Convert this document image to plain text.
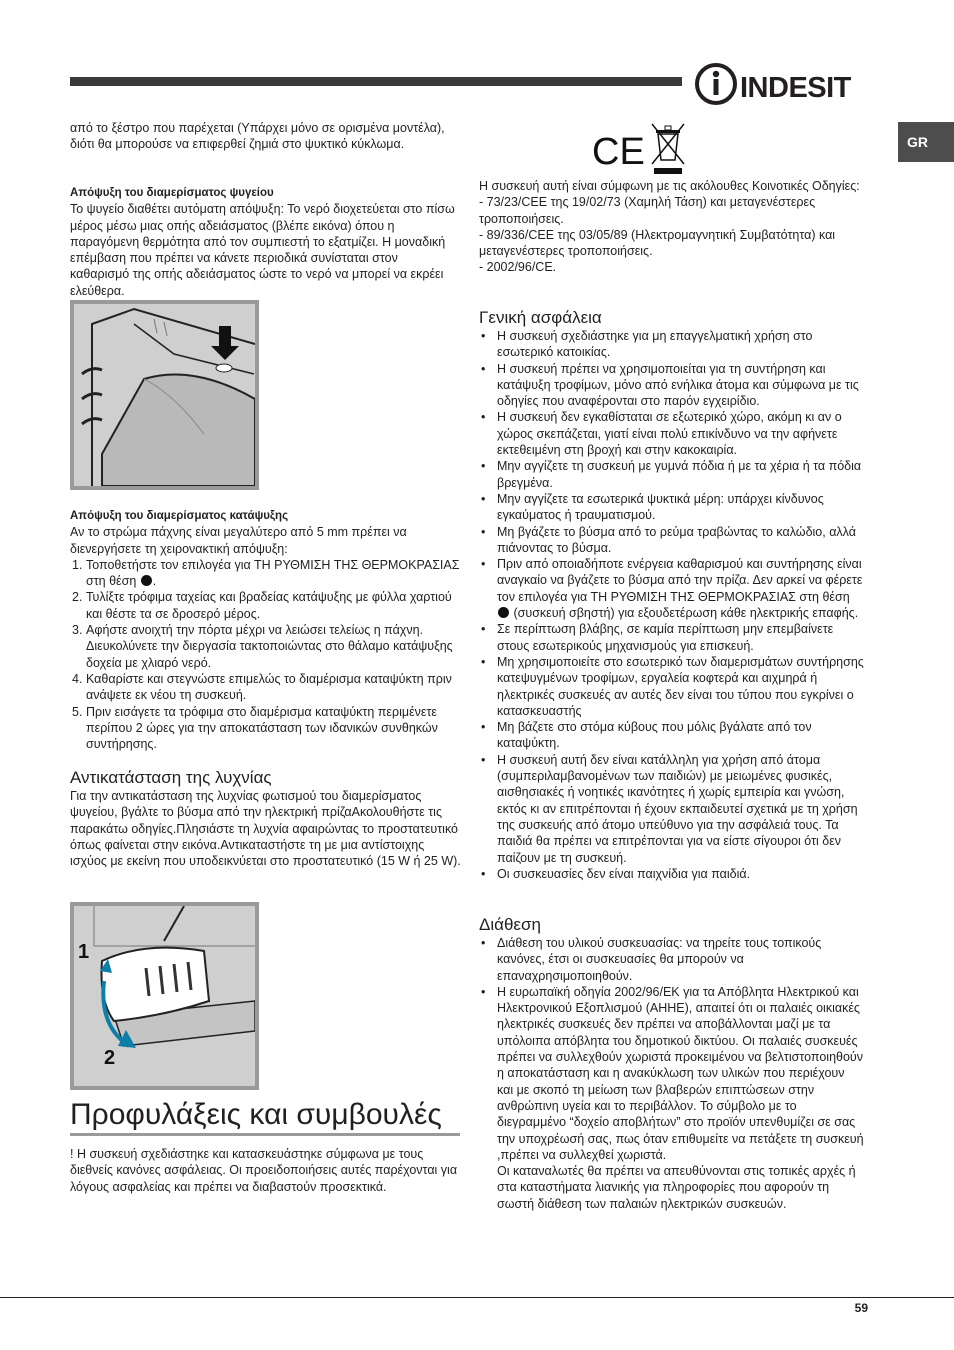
INDESIT
GR

από το ξέστρο που παρέχεται (Υπάρχει μόνο σε ορισμένα μοντέλα), διότι θα μπορούσε να επιφερθεί ζημιά στο ψυκτικό κύκλωμα.

Απόψυξη του διαμερίσματος ψυγείου

Το ψυγείο διαθέτει αυτόματη απόψυξη: Το νερό διοχετεύεται στο πίσω μέρος μέσω μιας οπής αδειάσματος (βλέπε εικόνα) όπου η παραγόμενη θερμότητα από τον συμπιεστή το εξατμίζει. Η μοναδική επέμβαση που πρέπει να κάνετε περιοδικά συνίσταται στον καθαρισμό της οπής αδειάσματος ώστε το νερό να μπορεί να εκρέει ελεύθερα.

Απόψυξη του διαμερίσματος κατάψυξης

Αν το στρώμα πάχνης είναι μεγαλύτερο από 5 mm πρέπει να διενεργήσετε τη χειρονακτική απόψυξη:

1. Τοποθετήστε τον επιλογέα για ΤΗ ΡΥΘΜΙΣΗ ΤΗΣ ΘΕΡΜΟΚΡΑΣΙΑΣ στη θέση .
2. Τυλίξτε τρόφιμα ταχείας και βραδείας κατάψυξης με φύλλα χαρτιού και θέστε τα σε δροσερό μέρος.
3. Αφήστε ανοιχτή την πόρτα μέχρι να λειώσει τελείως η πάχνη. Διευκολύνετε την διεργασία τακτοποιώντας στο θάλαμο κατάψυξης δοχεία με χλιαρό νερό.
4. Καθαρίστε και στεγνώστε επιμελώς το διαμέρισμα καταψύκτη πριν ανάψετε εκ νέου τη συσκευή.
5. Πριν εισάγετε τα τρόφιμα στο διαμέρισμα καταψύκτη περιμένετε περίπου 2 ώρες για την αποκατάσταση των ιδανικών συνθηκών συντήρησης.

Αντικατάσταση της λυχνίας

Για την αντικατάσταση της λυχνίας φωτισμού του διαμερίσματος ψυγείου, βγάλτε το βύσμα από την ηλεκτρική πρίζαΑκολουθήστε τις παρακάτω οδηγίες.Πλησιάστε τη λυχνία αφαιρώντας το προστατευτικό όπως φαίνεται στην εικόνα.Αντικαταστήστε τη με μια αντίστοιχης ισχύος με εκείνη που υποδεικνύεται στο προστατευτικό (15 W ή 25 W).

1
2
Προφυλάξεις και συμβουλές

! Η συσκευή σχεδιάστηκε και κατασκευάστηκε σύμφωνα με τους διεθνείς κανόνες ασφάλειας. Οι προειδοποιήσεις αυτές παρέχονται για λόγους ασφαλείας και πρέπει να διαβαστούν προσεκτικά.

CE

Η συσκευή αυτή είναι σύμφωνη με τις ακόλουθες Κοινοτικές Οδηγίες:

- 73/23/CEE της 19/02/73 (Χαμηλή Τάση) και μεταγενέστερες τροποποιήσεις.

- 89/336/CEE της 03/05/89 (Ηλεκτρομαγνητική Συμβατότητα) και μεταγενέστερες τροποποιήσεις.

- 2002/96/CE.

Γενική ασφάλεια

• Η συσκευή σχεδιάστηκε για μη επαγγελματική χρήση στο εσωτερικό κατοικίας.
• Η συσκευή πρέπει να χρησιμοποιείται για τη συντήρηση και κατάψυξη τροφίμων, μόνο από ενήλικα άτομα και σύμφωνα με τις οδηγίες που αναφέρονται στο παρόν εγχειρίδιο.
• Η συσκευή δεν εγκαθίσταται σε εξωτερικό χώρο, ακόμη κι αν ο χώρος σκεπάζεται, γιατί είναι πολύ επικίνδυνο να την αφήνετε εκτεθειμένη στη βροχή και στην κακοκαιρία.
• Μην αγγίζετε τη συσκευή με γυμνά πόδια ή με τα χέρια ή τα πόδια βρεγμένα.
• Μην αγγίζετε τα εσωτερικά ψυκτικά μέρη: υπάρχει κίνδυνος εγκαύματος ή τραυματισμού.
• Μη βγάζετε το βύσμα από το ρεύμα τραβώντας το καλώδιο, αλλά πιάνοντας το βύσμα.
• Πριν από οποιαδήποτε ενέργεια καθαρισμού και συντήρησης είναι αναγκαίο να βγάζετε το βύσμα από την πρίζα. Δεν αρκεί να φέρετε τον επιλογέα για ΤΗ ΡΥΘΜΙΣΗ ΤΗΣ ΘΕΡΜΟΚΡΑΣΙΑΣ στη θέση  (συσκευή σβηστή) για εξουδετέρωση κάθε ηλεκτρικής επαφής.
• Σε περίπτωση βλάβης, σε καμία περίπτωση μην επεμβαίνετε στους εσωτερικούς μηχανισμούς για επισκευή.
• Μη χρησιμοποιείτε στο εσωτερικό των διαμερισμάτων συντήρησης κατεψυγμένων τροφίμων, εργαλεία κοφτερά και αιχμηρά ή ηλεκτρικές συσκευές αν αυτές δεν είναι του τύπου που εγκρίνει ο κατασκευαστής
• Μη βάζετε στο στόμα κύβους που μόλις βγάλατε από τον καταψύκτη.
• Η συσκευή αυτή δεν είναι κατάλληλη για χρήση από άτομα (συμπεριλαμβανομένων των παιδιών) με μειωμένες φυσικές, αισθησιακές ή νοητικές ικανότητες ή χωρίς εμπειρία και γνώση, εκτός κι αν επιτρέπονται ή έχουν εκπαιδευτεί σχετικά με τη χρήση της συσκευής από άτομο υπεύθυνο για την ασφάλειά τους. Τα παιδιά θα πρέπει να επιτρέπονται για να είστε σίγουροι ότι δεν παίζουν με τη συσκευή.
• Οι συσκευασίες δεν είναι παιχνίδια για παιδιά.

Διάθεση

• Διάθεση του υλικού συσκευασίας: να τηρείτε τους τοπικούς κανόνες, έτσι οι συσκευασίες θα μπορούν να επαναχρησιμοποιηθούν.
• Η ευρωπαϊκή οδηγία 2002/96/ΕΚ για τα Απόβλητα Ηλεκτρικού και Ηλεκτρονικού Εξοπλισμού (ΑΗΗΕ), απαιτεί ότι οι παλαιές οικιακές ηλεκτρικές συσκευές δεν πρέπει να αποβάλλονται μαζί με τα υπόλοιπα απόβλητα του δημοτικού δικτύου. Οι παλαιές συσκευές πρέπει να συλλεχθούν χωριστά προκειμένου να βελτιστοποιηθούν η αποκατάσταση και η ανακύκλωση των υλικών που περιέχουν και με σκοπό τη μείωση των βλαβερών επιπτώσεων στην ανθρώπινη υγεία και το περιβάλλον. Το σύμβολο με το διεγραμμένο “δοχείο αποβλήτων” στο προϊόν υπενθυμίζει σε σας την υποχρέωσή σας, πως όταν επιθυμείτε να πετάξετε τη συσκευή ,πρέπει να συλλεχθεί χωριστά.

Οι καταναλωτές θα πρέπει να απευθύνονται στις τοπικές αρχές ή στα καταστήματα λιανικής για πληροφορίες που αφορούν τη σωστή διάθεση των παλαιών ηλεκτρικών συσκευών.

59
